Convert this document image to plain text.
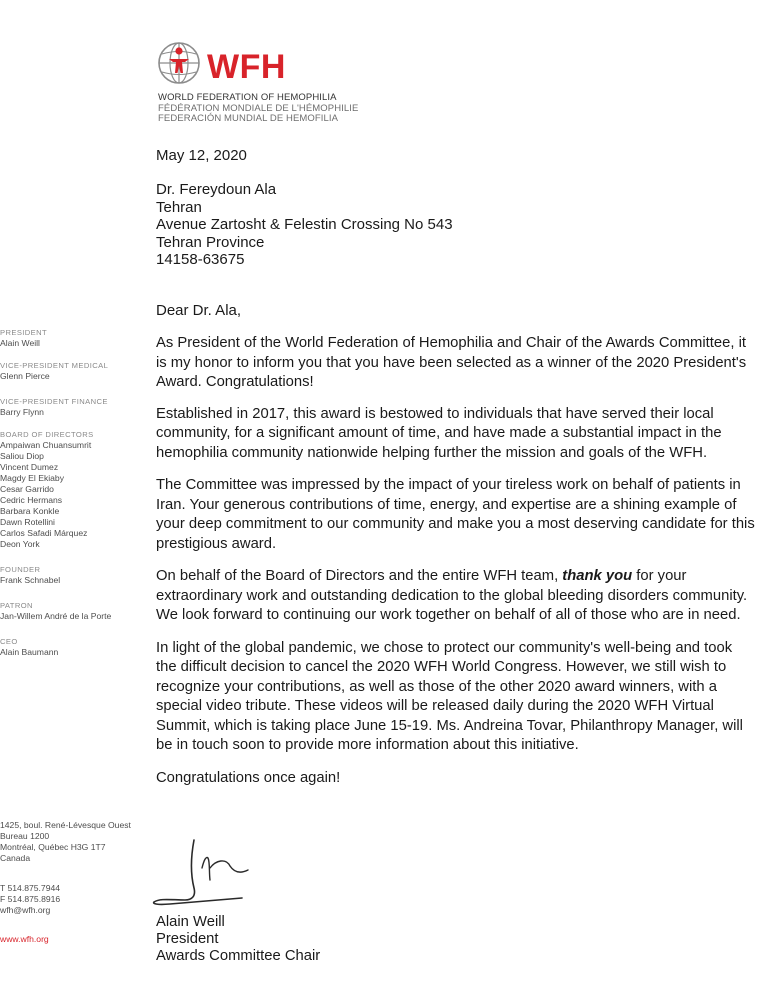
WFH
WORLD FEDERATION OF HEMOPHILIA
FÉDÉRATION MONDIALE DE L'HÉMOPHILIE
FEDERACIÓN MUNDIAL DE HEMOFILIA
May 12, 2020
Dr. Fereydoun Ala
Tehran
Avenue Zartosht & Felestin Crossing No 543
Tehran Province
14158-63675
Dear Dr. Ala,

As President of the World Federation of Hemophilia and Chair of the Awards Committee, it is my honor to inform you that you have been selected as a winner of the 2020 President's Award. Congratulations!

Established in 2017, this award is bestowed to individuals that have served their local community, for a significant amount of time, and have made a substantial impact in the hemophilia community nationwide helping further the mission and goals of the WFH.

The Committee was impressed by the impact of your tireless work on behalf of patients in Iran. Your generous contributions of time, energy, and expertise are a shining example of your deep commitment to our community and make you a most deserving candidate for this prestigious award.

On behalf of the Board of Directors and the entire WFH team, thank you for your extraordinary work and outstanding dedication to the global bleeding disorders community. We look forward to continuing our work together on behalf of all of those who are in need.

In light of the global pandemic, we chose to protect our community's well-being and took the difficult decision to cancel the 2020 WFH World Congress. However, we still wish to recognize your contributions, as well as those of the other 2020 award winners, with a special video tribute. These videos will be released daily during the 2020 WFH Virtual Summit, which is taking place June 15-19. Ms. Andreina Tovar, Philanthropy Manager, will be in touch soon to provide more information about this initiative.

Congratulations once again!

PRESIDENT
Alain Weill
VICE-PRESIDENT MEDICAL
Glenn Pierce
VICE-PRESIDENT FINANCE
Barry Flynn
BOARD OF DIRECTORS
Ampaiwan Chuansumrit
Saliou Diop
Vincent Dumez
Magdy El Ekiaby
Cesar Garrido
Cedric Hermans
Barbara Konkle
Dawn Rotellini
Carlos Safadi Márquez
Deon York
FOUNDER
Frank Schnabel
PATRON
Jan-Willem André de la Porte
CEO
Alain Baumann
1425, boul. René-Lévesque Ouest
Bureau 1200
Montréal, Québec H3G 1T7
Canada
T 514.875.7944
F 514.875.8916
wfh@wfh.org
www.wfh.org
Alain Weill
President
Awards Committee Chair
